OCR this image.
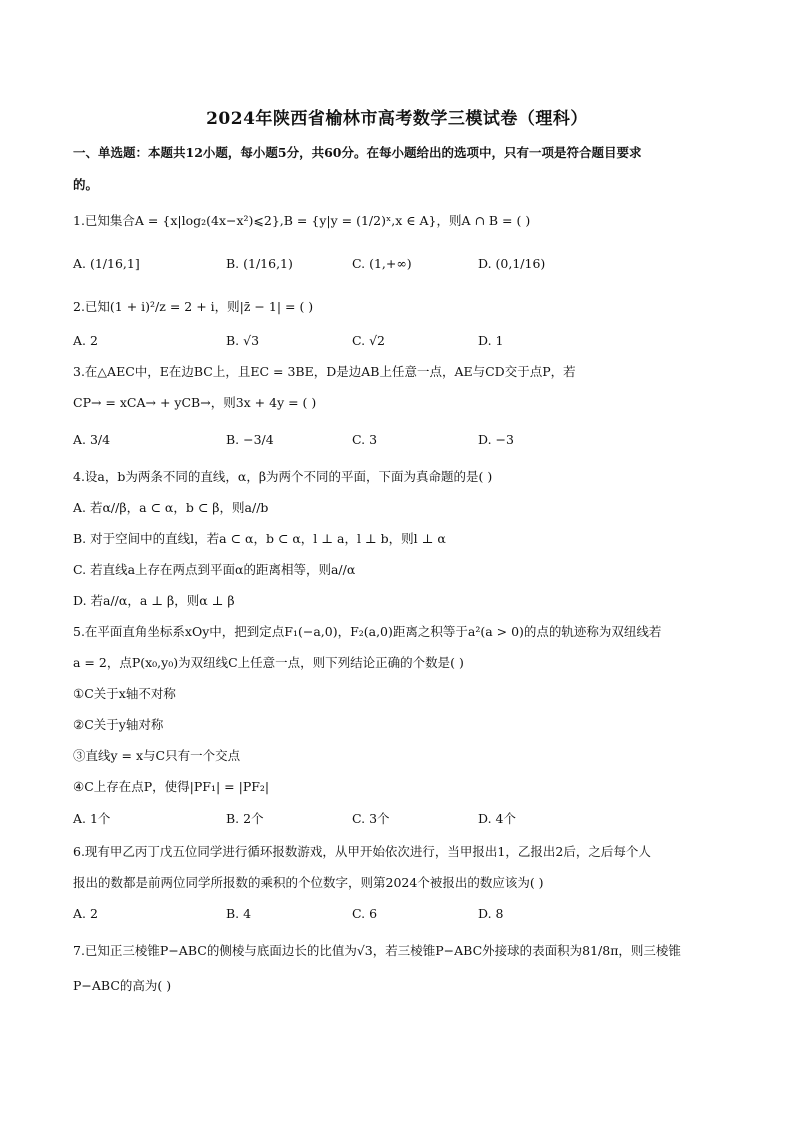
2024年陕西省榆林市高考数学三模试卷（理科）
一、单选题：本题共12小题，每小题5分，共60分。在每小题给出的选项中，只有一项是符合题目要求
的。
1.已知集合A = {x|log₂(4x−x²)⩽2},B = {y|y = (1/2)ˣ,x ∈ A}，则A ∩ B = ( )
A. (1/16,1]	B. (1/16,1)	C. (1,+∞)	D. (0,1/16)
2.已知(1 + i)²/z = 2 + i，则|z̄ − 1| = ( )
A. 2	B. √3	C. √2	D. 1
3.在△AEC中，E在边BC上，且EC = 3BE，D是边AB上任意一点，AE与CD交于点P，若
CP→ = xCA→ + yCB→，则3x + 4y = ( )
A. 3/4	B. −3/4	C. 3	D. −3
4.设a，b为两条不同的直线，α，β为两个不同的平面，下面为真命题的是( )
A. 若α//β，a ⊂ α，b ⊂ β，则a//b
B. 对于空间中的直线l，若a ⊂ α，b ⊂ α，l ⊥ a，l ⊥ b，则l ⊥ α
C. 若直线a上存在两点到平面α的距离相等，则a//α
D. 若a//α，a ⊥ β，则α ⊥ β
5.在平面直角坐标系xOy中，把到定点F₁(−a,0)，F₂(a,0)距离之积等于a²(a > 0)的点的轨迹称为双纽线若
a = 2，点P(x₀,y₀)为双纽线C上任意一点，则下列结论正确的个数是( )
①C关于x轴不对称
②C关于y轴对称
③直线y = x与C只有一个交点
④C上存在点P，使得|PF₁| = |PF₂|
A. 1个	B. 2个	C. 3个	D. 4个
6.现有甲乙丙丁戊五位同学进行循环报数游戏，从甲开始依次进行，当甲报出1，乙报出2后，之后每个人
报出的数都是前两位同学所报数的乘积的个位数字，则第2024个被报出的数应该为( )
A. 2	B. 4	C. 6	D. 8
7.已知正三棱锥P−ABC的侧棱与底面边长的比值为√3，若三棱锥P−ABC外接球的表面积为81/8π，则三棱锥
P−ABC的高为( )
